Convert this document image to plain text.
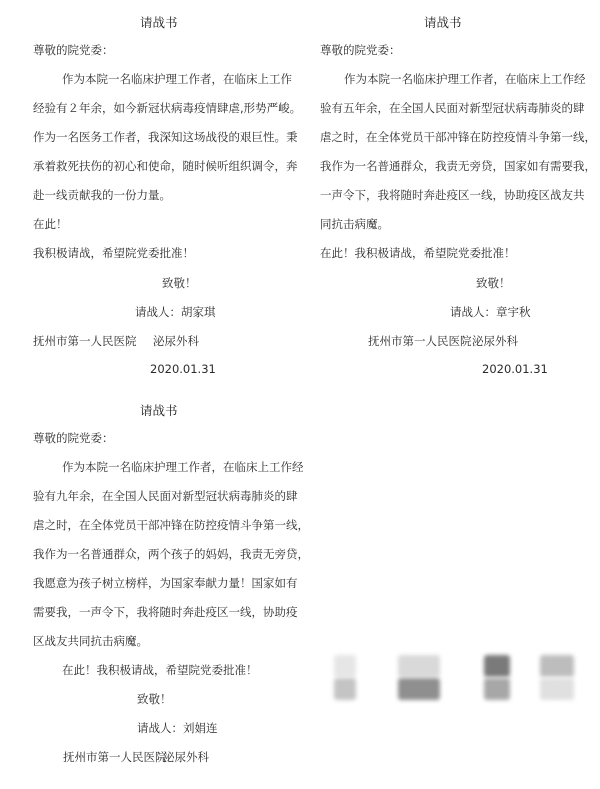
请战书
尊敬的院党委：
作为本院一名临床护理工作者，在临床上工作
经验有２年余，如今新冠状病毒疫情肆虐,形势严峻。
作为一名医务工作者，我深知这场战役的艰巨性。秉
承着救死扶伤的初心和使命，随时候听组织调令，奔
赴一线贡献我的一份力量。
在此！
我积极请战，希望院党委批准！
致敬！
请战人：胡家琪
抚州市第一人民医院 泌尿外科
2020.01.31
请战书
尊敬的院党委：
作为本院一名临床护理工作者，在临床上工作经
验有五年余，在全国人民面对新型冠状病毒肺炎的肆
虐之时，在全体党员干部冲锋在防控疫情斗争第一线，
我作为一名普通群众，我责无旁贷，国家如有需要我，
一声令下，我将随时奔赴疫区一线，协助疫区战友共
同抗击病魔。
在此！我积极请战，希望院党委批准！
致敬！
请战人：章宇秋
抚州市第一人民医院 泌尿外科
2020.01.31
请战书
尊敬的院党委：
作为本院一名临床护理工作者，在临床上工作经
验有九年余，在全国人民面对新型冠状病毒肺炎的肆
虐之时，在全体党员干部冲锋在防控疫情斗争第一线，
我作为一名普通群众，两个孩子的妈妈，我责无旁贷，
我愿意为孩子树立榜样，为国家奉献力量！国家如有
需要我，一声令下，我将随时奔赴疫区一线，协助疫
区战友共同抗击病魔。
在此！我积极请战，希望院党委批准！
致敬！
请战人：刘娟连
抚州市第一人民医院
泌尿外科
